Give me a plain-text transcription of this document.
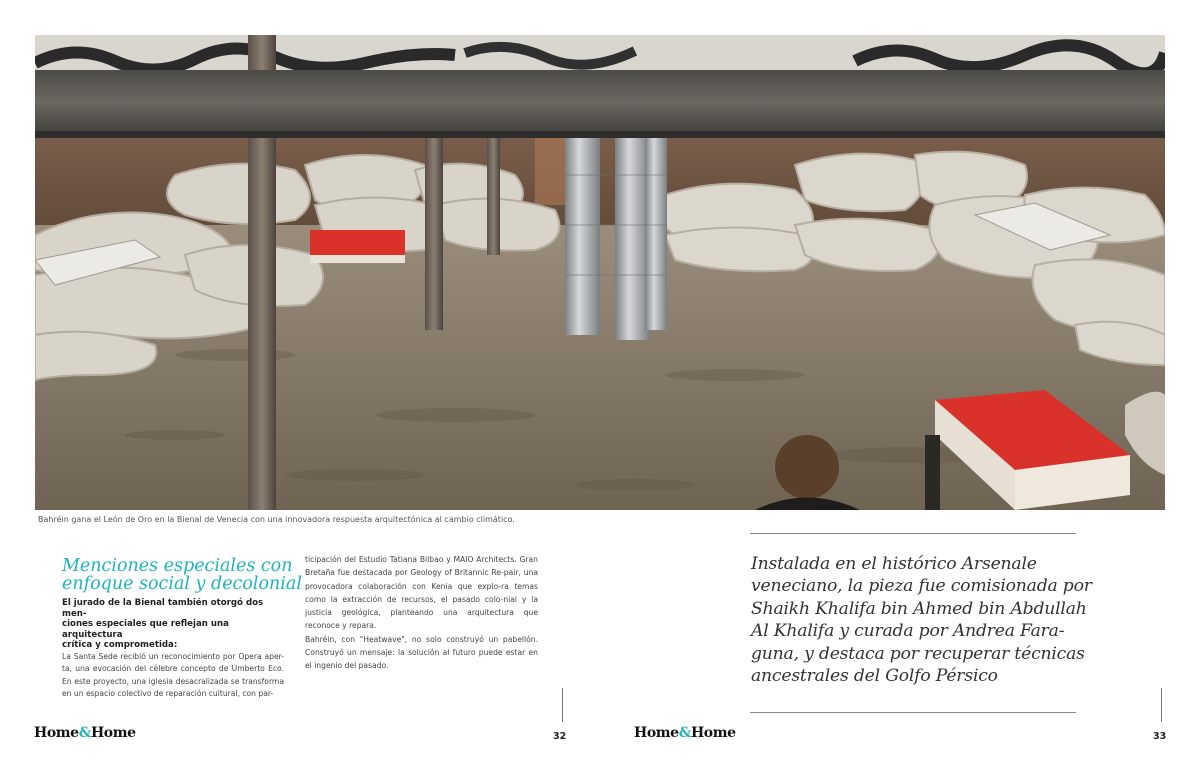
Bahréin gana el León de Oro en la Bienal de Venecia con una innovadora respuesta arquitectónica al cambio climático.
Menciones especiales con
enfoque social y decolonial
El jurado de la Bienal también otorgó dos men-
ciones especiales que reflejan una arquitectura
crítica y comprometida:

La Santa Sede recibió un reconocimiento por Opera aper-ta, una evocación del célebre concepto de Umberto Eco. En este proyecto, una iglesia desacralizada se transforma en un espacio colectivo de reparación cultural, con par-

ticipación del Estudio Tatiana Bilbao y MAIO Architects. Gran Bretaña fue destacada por Geology of Britannic Re-pair, una provocadora colaboración con Kenia que explo-ra temas como la extracción de recursos, el pasado colo-nial y la justicia geológica, planteando una arquitectura que reconoce y repara.

Bahréin, con "Heatwave", no solo construyó un pabellón. Construyó un mensaje: la solución al futuro puede estar en el ingenio del pasado.

Home&Home	32
Instalada en el histórico Arsenale
veneciano, la pieza fue comisionada por
Shaikh Khalifa bin Ahmed bin Abdullah
Al Khalifa y curada por Andrea Fara-
guna, y destaca por recuperar técnicas
ancestrales del Golfo Pérsico
Home&Home	33
